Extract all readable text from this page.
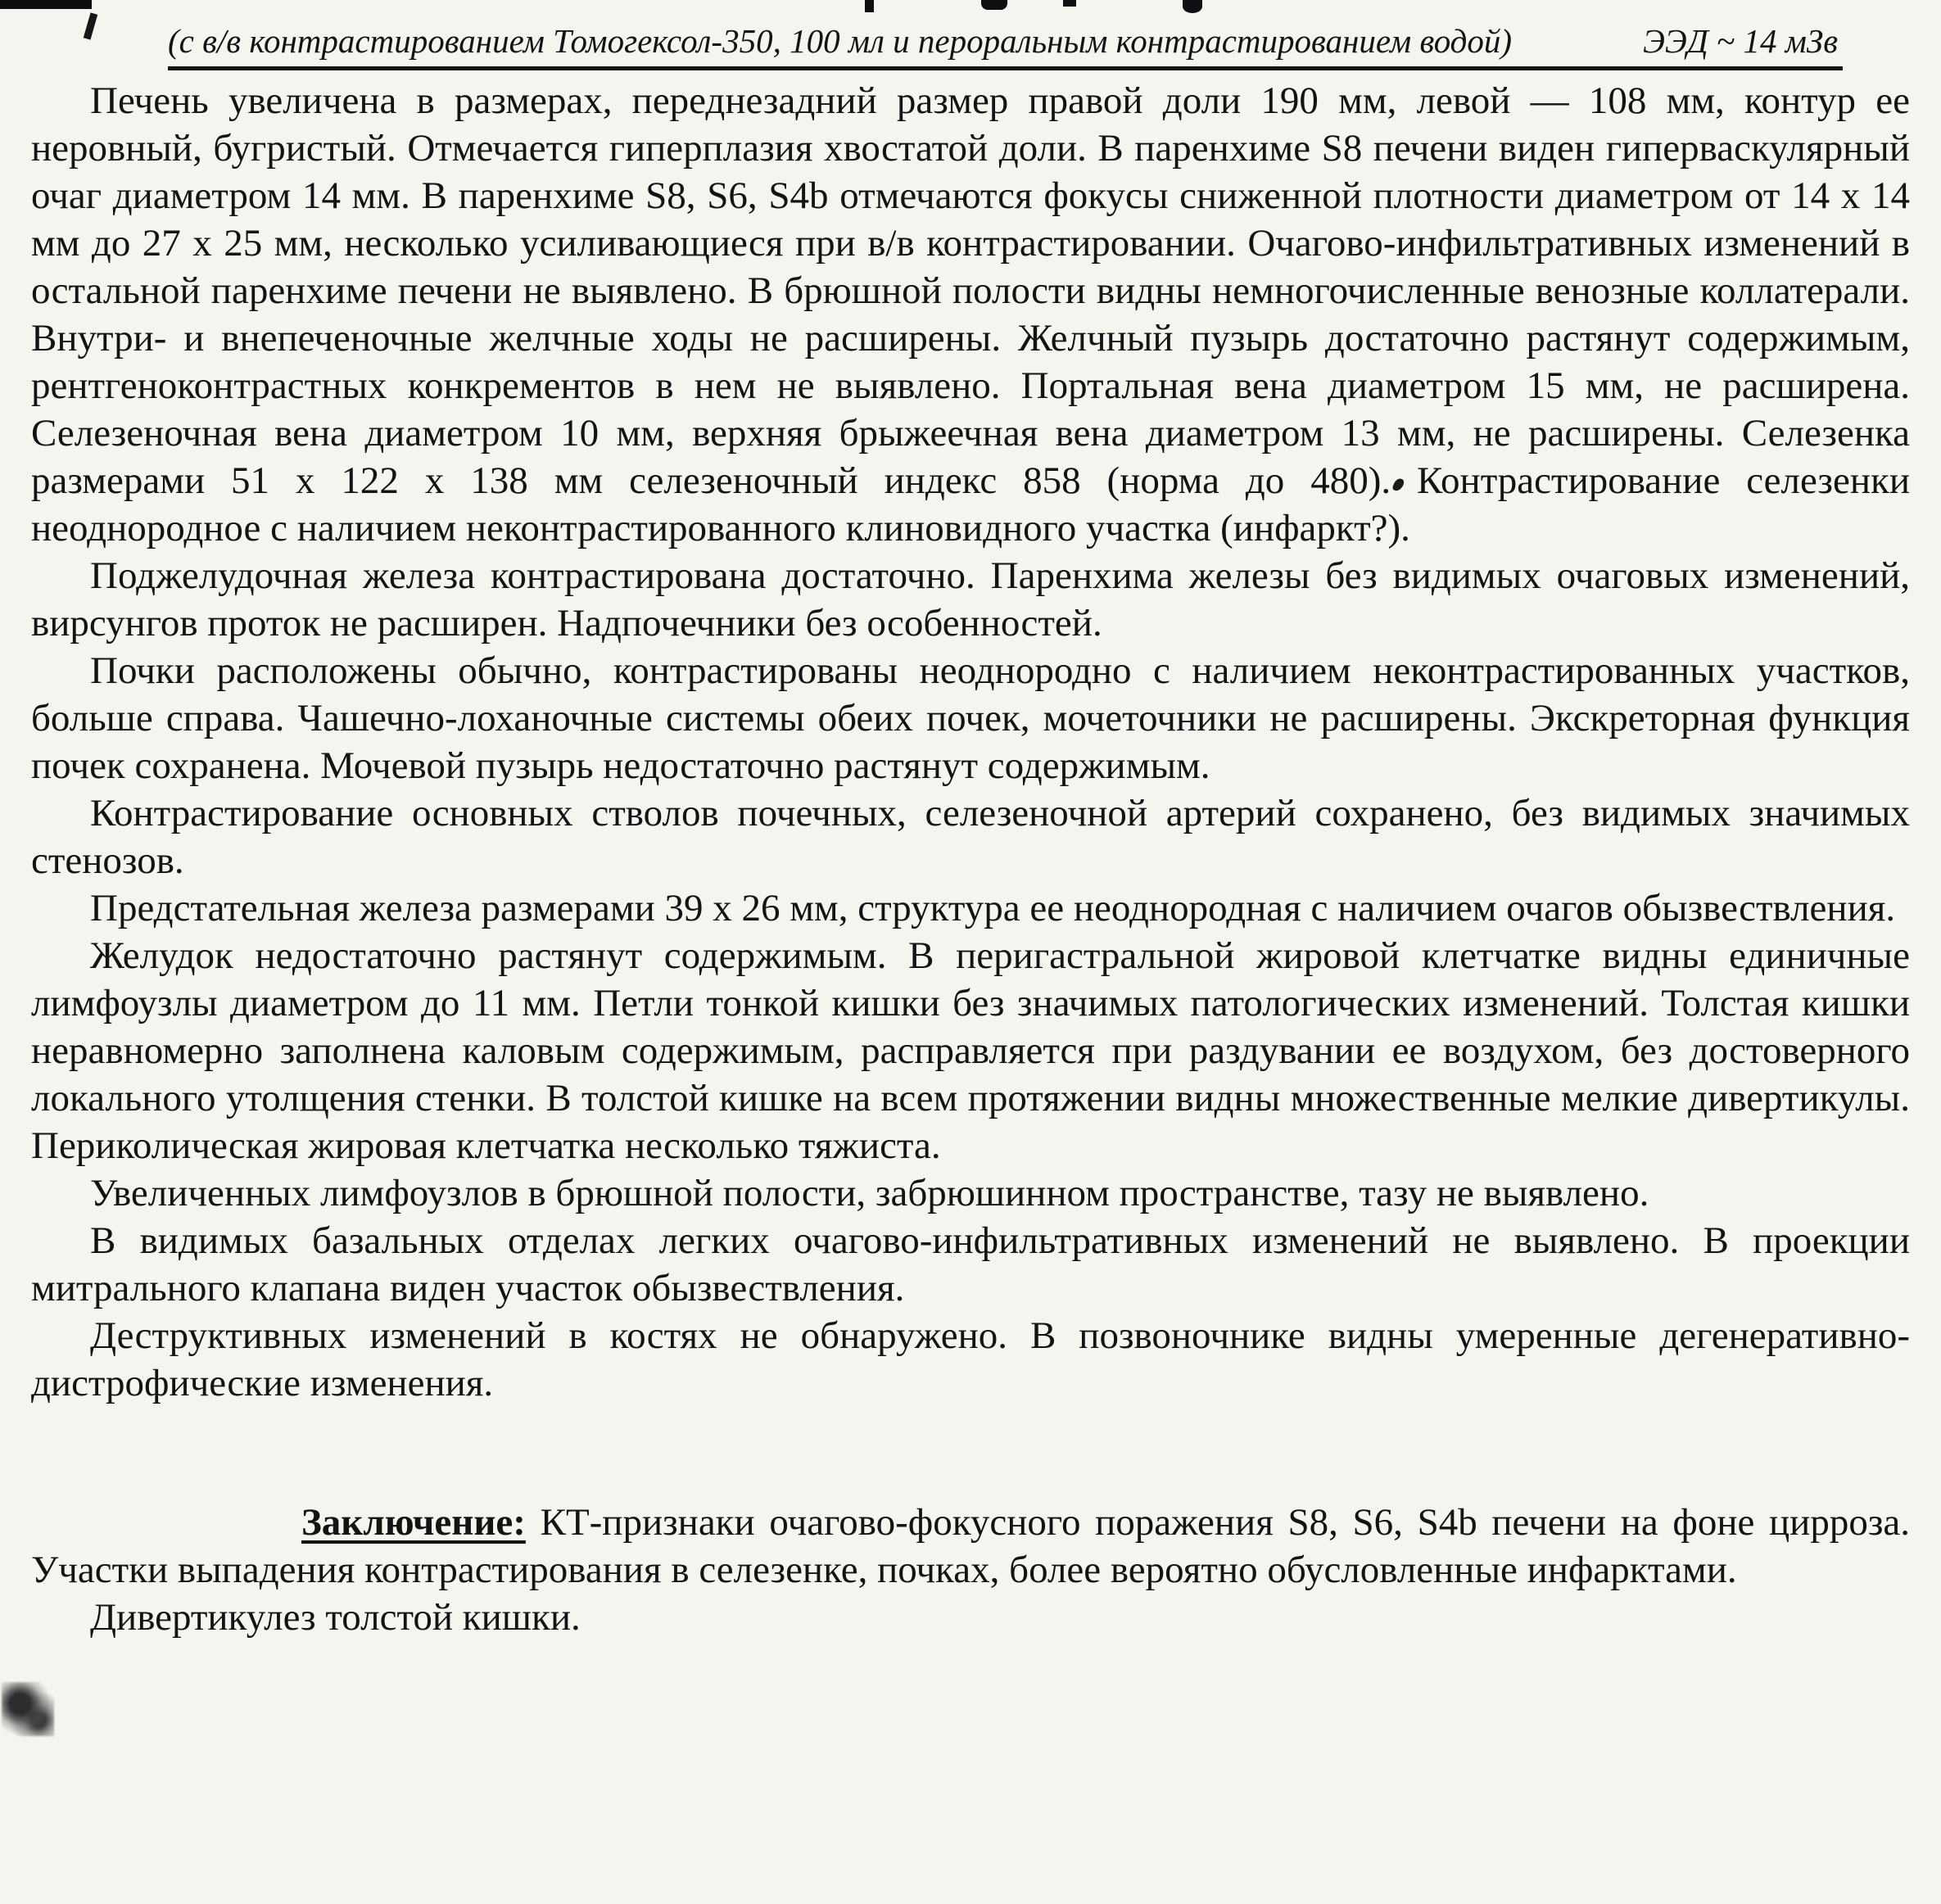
(с в/в контрастированием Томогексол-350, 100 мл и пероральным контрастированием водой)	ЭЭД ~ 14 мЗв

Печень увеличена в размерах, переднезадний размер правой доли 190 мм, левой — 108 мм, контур ее неровный, бугристый. Отмечается гиперплазия хвостатой доли. В паренхиме S8 печени виден гиперваскулярный очаг диаметром 14 мм. В паренхиме S8, S6, S4b отмечаются фокусы сниженной плотности диаметром от 14 х 14 мм до 27 х 25 мм, несколько усиливающиеся при в/в контрастировании. Очагово-инфильтративных изменений в остальной паренхиме печени не выявлено. В брюшной полости видны немногочисленные венозные коллатерали. Внутри- и внепеченочные желчные ходы не расширены. Желчный пузырь достаточно растянут содержимым, рентгеноконтрастных конкрементов в нем не выявлено. Портальная вена диаметром 15 мм, не расширена. Селезеночная вена диаметром 10 мм, верхняя брыжеечная вена диаметром 13 мм, не расширены. Селезенка размерами 51 х 122 х 138 мм селезеночный индекс 858 (норма до 480). Контрастирование селезенки неоднородное с наличием неконтрастированного клиновидного участка (инфаркт?).

Поджелудочная железа контрастирована достаточно. Паренхима железы без видимых очаговых изменений, вирсунгов проток не расширен. Надпочечники без особенностей.

Почки расположены обычно, контрастированы неоднородно с наличием неконтрастированных участков, больше справа. Чашечно-лоханочные системы обеих почек, мочеточники не расширены. Экскреторная функция почек сохранена. Мочевой пузырь недостаточно растянут содержимым.

Контрастирование основных стволов почечных, селезеночной артерий сохранено, без видимых значимых стенозов.

Предстательная железа размерами 39 х 26 мм, структура ее неоднородная с наличием очагов обызвествления.

Желудок недостаточно растянут содержимым. В перигастральной жировой клетчатке видны единичные лимфоузлы диаметром до 11 мм. Петли тонкой кишки без значимых патологических изменений. Толстая кишки неравномерно заполнена каловым содержимым, расправляется при раздувании ее воздухом, без достоверного локального утолщения стенки. В толстой кишке на всем протяжении видны множественные мелкие дивертикулы. Периколическая жировая клетчатка несколько тяжиста.

Увеличенных лимфоузлов в брюшной полости, забрюшинном пространстве, тазу не выявлено.

В видимых базальных отделах легких очагово-инфильтративных изменений не выявлено. В проекции митрального клапана виден участок обызвествления.

Деструктивных изменений в костях не обнаружено. В позвоночнике видны умеренные дегенеративно-дистрофические изменения.

Заключение: КТ-признаки очагово-фокусного поражения S8, S6, S4b печени на фоне цирроза. Участки выпадения контрастирования в селезенке, почках, более вероятно обусловленные инфарктами.

Дивертикулез толстой кишки.
